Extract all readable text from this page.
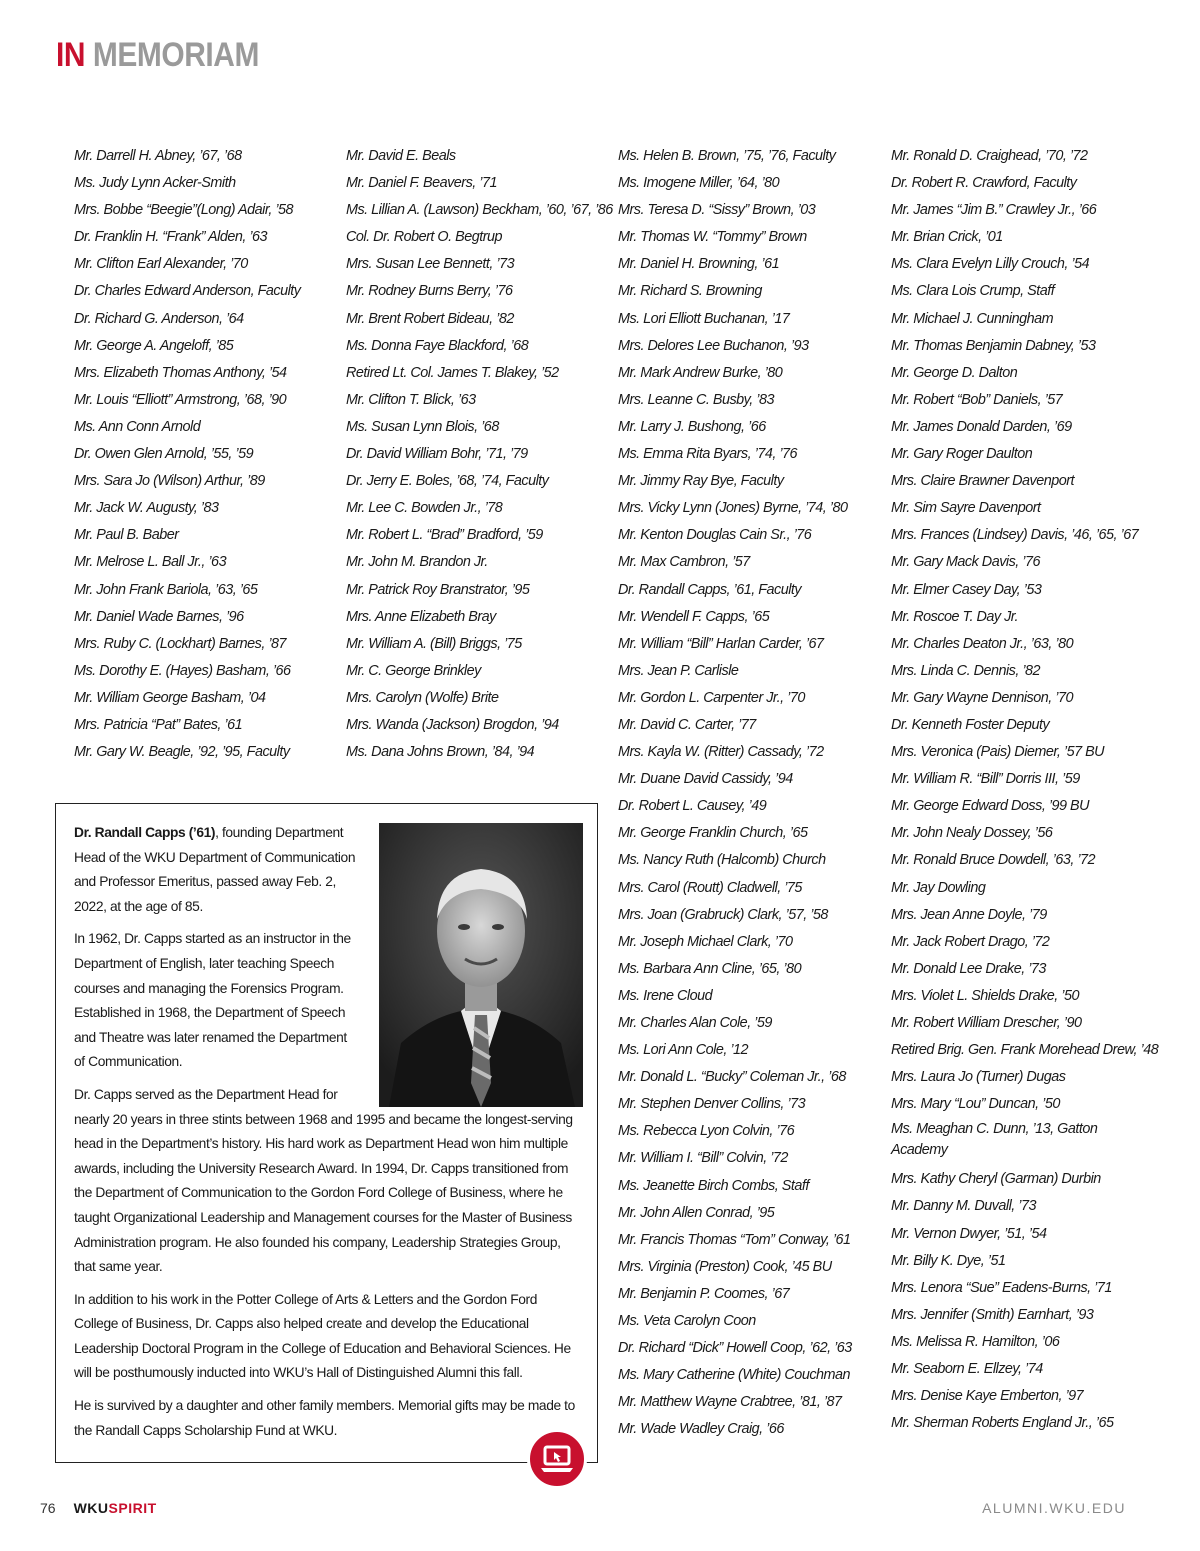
IN MEMORIAM
Mr. Darrell H. Abney, ’67, ’68
Ms. Judy Lynn Acker-Smith
Mrs. Bobbe “Beegie”(Long) Adair, ’58
Dr. Franklin H. “Frank” Alden, ’63
Mr. Clifton Earl Alexander, ’70
Dr. Charles Edward Anderson, Faculty
Dr. Richard G. Anderson, ’64
Mr. George A. Angeloff, ’85
Mrs. Elizabeth Thomas Anthony, ’54
Mr. Louis “Elliott” Armstrong, ’68, ’90
Ms. Ann Conn Arnold
Dr. Owen Glen Arnold, ’55, ’59
Mrs. Sara Jo (Wilson) Arthur, ’89
Mr. Jack W. Augusty, ’83
Mr. Paul B. Baber
Mr. Melrose L. Ball Jr., ’63
Mr. John Frank Bariola, ’63, ’65
Mr. Daniel Wade Barnes, ’96
Mrs. Ruby C. (Lockhart) Barnes, ’87
Ms. Dorothy E. (Hayes) Basham, ’66
Mr. William George Basham, ’04
Mrs. Patricia “Pat” Bates, ’61
Mr. Gary W. Beagle, ’92, ’95, Faculty
Mr. David E. Beals
Mr. Daniel F. Beavers, ’71
Ms. Lillian A. (Lawson) Beckham, ’60, ’67, ’86
Col. Dr. Robert O. Begtrup
Mrs. Susan Lee Bennett, ’73
Mr. Rodney Burns Berry, ’76
Mr. Brent Robert Bideau, ’82
Ms. Donna Faye Blackford, ’68
Retired Lt. Col. James T. Blakey, ’52
Mr. Clifton T. Blick, ’63
Ms. Susan Lynn Blois, ’68
Dr. David William Bohr, ’71, ’79
Dr. Jerry E. Boles, ’68, ’74, Faculty
Mr. Lee C. Bowden Jr., ’78
Mr. Robert L. “Brad” Bradford, ’59
Mr. John M. Brandon Jr.
Mr. Patrick Roy Branstrator, ’95
Mrs. Anne Elizabeth Bray
Mr. William A. (Bill) Briggs, ’75
Mr. C. George Brinkley
Mrs. Carolyn (Wolfe) Brite
Mrs. Wanda (Jackson) Brogdon, ’94
Ms. Dana Johns Brown, ’84, ’94
Ms. Helen B. Brown, ’75, ’76, Faculty
Ms. Imogene Miller, ’64, ’80
Mrs. Teresa D. “Sissy” Brown, ’03
Mr. Thomas W. “Tommy” Brown
Mr. Daniel H. Browning, ’61
Mr. Richard S. Browning
Ms. Lori Elliott Buchanan, ’17
Mrs. Delores Lee Buchanon, ’93
Mr. Mark Andrew Burke, ’80
Mrs. Leanne C. Busby, ’83
Mr. Larry J. Bushong, ’66
Ms. Emma Rita Byars, ’74, ’76
Mr. Jimmy Ray Bye, Faculty
Mrs. Vicky Lynn (Jones) Byrne, ’74, ’80
Mr. Kenton Douglas Cain Sr., ’76
Mr. Max Cambron, ’57
Dr. Randall Capps, ’61, Faculty
Mr. Wendell F. Capps, ’65
Mr. William “Bill” Harlan Carder, ’67
Mrs. Jean P. Carlisle
Mr. Gordon L. Carpenter Jr., ’70
Mr. David C. Carter, ’77
Mrs. Kayla W. (Ritter) Cassady, ’72
Mr. Duane David Cassidy, ’94
Dr. Robert L. Causey, ’49
Mr. George Franklin Church, ’65
Ms. Nancy Ruth (Halcomb) Church
Mrs. Carol (Routt) Cladwell, ’75
Mrs. Joan (Grabruck) Clark, ’57, ’58
Mr. Joseph Michael Clark, ’70
Ms. Barbara Ann Cline, ’65, ’80
Ms. Irene Cloud
Mr. Charles Alan Cole, ’59
Ms. Lori Ann Cole, ’12
Mr. Donald L. “Bucky” Coleman Jr., ’68
Mr. Stephen Denver Collins, ’73
Ms. Rebecca Lyon Colvin, ’76
Mr. William I. “Bill” Colvin, ’72
Ms. Jeanette Birch Combs, Staff
Mr. John Allen Conrad, ’95
Mr. Francis Thomas “Tom” Conway, ’61
Mrs. Virginia (Preston) Cook, ’45 BU
Mr. Benjamin P. Coomes, ’67
Ms. Veta Carolyn Coon
Dr. Richard “Dick” Howell Coop, ’62, ’63
Ms. Mary Catherine (White) Couchman
Mr. Matthew Wayne Crabtree, ’81, ’87
Mr. Wade Wadley Craig, ’66
Mr. Ronald D. Craighead, ’70, ’72
Dr. Robert R. Crawford, Faculty
Mr. James “Jim B.” Crawley Jr., ’66
Mr. Brian Crick, ’01
Ms. Clara Evelyn Lilly Crouch, ’54
Ms. Clara Lois Crump, Staff
Mr. Michael J. Cunningham
Mr. Thomas Benjamin Dabney, ’53
Mr. George D. Dalton
Mr. Robert “Bob” Daniels, ’57
Mr. James Donald Darden, ’69
Mr. Gary Roger Daulton
Mrs. Claire Brawner Davenport
Mr. Sim Sayre Davenport
Mrs. Frances (Lindsey) Davis, ’46, ’65, ’67
Mr. Gary Mack Davis, ’76
Mr. Elmer Casey Day, ’53
Mr. Roscoe T. Day Jr.
Mr. Charles Deaton Jr., ’63, ’80
Mrs. Linda C. Dennis, ’82
Mr. Gary Wayne Dennison, ’70
Dr. Kenneth Foster Deputy
Mrs. Veronica (Pais) Diemer, ’57 BU
Mr. William R. “Bill” Dorris III, ’59
Mr. George Edward Doss, ’99 BU
Mr. John Nealy Dossey, ’56
Mr. Ronald Bruce Dowdell, ’63, ’72
Mr. Jay Dowling
Mrs. Jean Anne Doyle, ’79
Mr. Jack Robert Drago, ’72
Mr. Donald Lee Drake, ’73
Mrs. Violet L. Shields Drake, ’50
Mr. Robert William Drescher, ’90
Retired Brig. Gen. Frank Morehead Drew, ’48
Mrs. Laura Jo (Turner) Dugas
Mrs. Mary “Lou” Duncan, ’50
Ms. Meaghan C. Dunn, ’13, Gatton Academy
Mrs. Kathy Cheryl (Garman) Durbin
Mr. Danny M. Duvall, ’73
Mr. Vernon Dwyer, ’51, ’54
Mr. Billy K. Dye, ’51
Mrs. Lenora “Sue” Eadens-Burns, ’71
Mrs. Jennifer (Smith) Earnhart, ’93
Ms. Melissa R. Hamilton, ’06
Mr. Seaborn E. Ellzey, ’74
Mrs. Denise Kaye Emberton, ’97
Mr. Sherman Roberts England Jr., ’65

Dr. Randall Capps (’61), founding Department Head of the WKU Department of Communication and Professor Emeritus, passed away Feb. 2, 2022, at the age of 85.

In 1962, Dr. Capps started as an instructor in the Department of English, later teaching Speech courses and managing the Forensics Program. Established in 1968, the Department of Speech and Theatre was later renamed the Department of Communication.

Dr. Capps served as the Department Head for nearly 20 years in three stints between 1968 and 1995 and became the longest-serving head in the Department’s history. His hard work as Department Head won him multiple awards, including the University Research Award. In 1994, Dr. Capps transitioned from the Department of Communication to the Gordon Ford College of Business, where he taught Organizational Leadership and Management courses for the Master of Business Administration program. He also founded his company, Leadership Strategies Group, that same year.

In addition to his work in the Potter College of Arts & Letters and the Gordon Ford College of Business, Dr. Capps also helped create and develop the Educational Leadership Doctoral Program in the College of Education and Behavioral Sciences. He will be posthumously inducted into WKU’s Hall of Distinguished Alumni this fall.

He is survived by a daughter and other family members. Memorial gifts may be made to the Randall Capps Scholarship Fund at WKU.

76 WKUSPIRIT	ALUMNI.WKU.EDU
